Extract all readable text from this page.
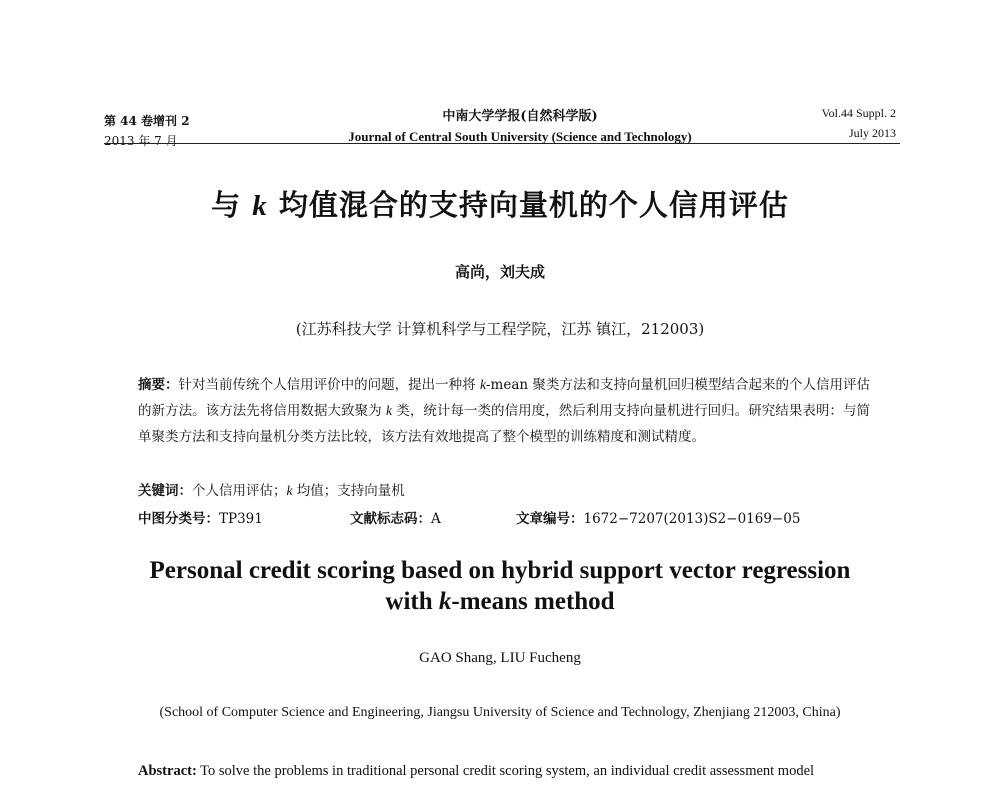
第 44 卷增刊 2
2013 年 7 月
中南大学学报(自然科学版)
Journal of Central South University (Science and Technology)
Vol.44 Suppl. 2
July 2013
与 k 均值混合的支持向量机的个人信用评估
高尚，刘夫成
(江苏科技大学 计算机科学与工程学院，江苏 镇江，212003)
摘要：针对当前传统个人信用评价中的问题，提出一种将 k-mean 聚类方法和支持向量机回归模型结合起来的个人信用评估的新方法。该方法先将信用数据大致聚为 k 类，统计每一类的信用度，然后利用支持向量机进行回归。研究结果表明：与简单聚类方法和支持向量机分类方法比较，该方法有效地提高了整个模型的训练精度和测试精度。
关键词：个人信用评估；k 均值；支持向量机
中图分类号：TP391	文献标志码：A	文章编号：1672−7207(2013)S2−0169−05
Personal credit scoring based on hybrid support vector regression
with k-means method
GAO Shang, LIU Fucheng
(School of Computer Science and Engineering, Jiangsu University of Science and Technology, Zhenjiang 212003, China)
Abstract: To solve the problems in traditional personal credit scoring system, an individual credit assessment model
